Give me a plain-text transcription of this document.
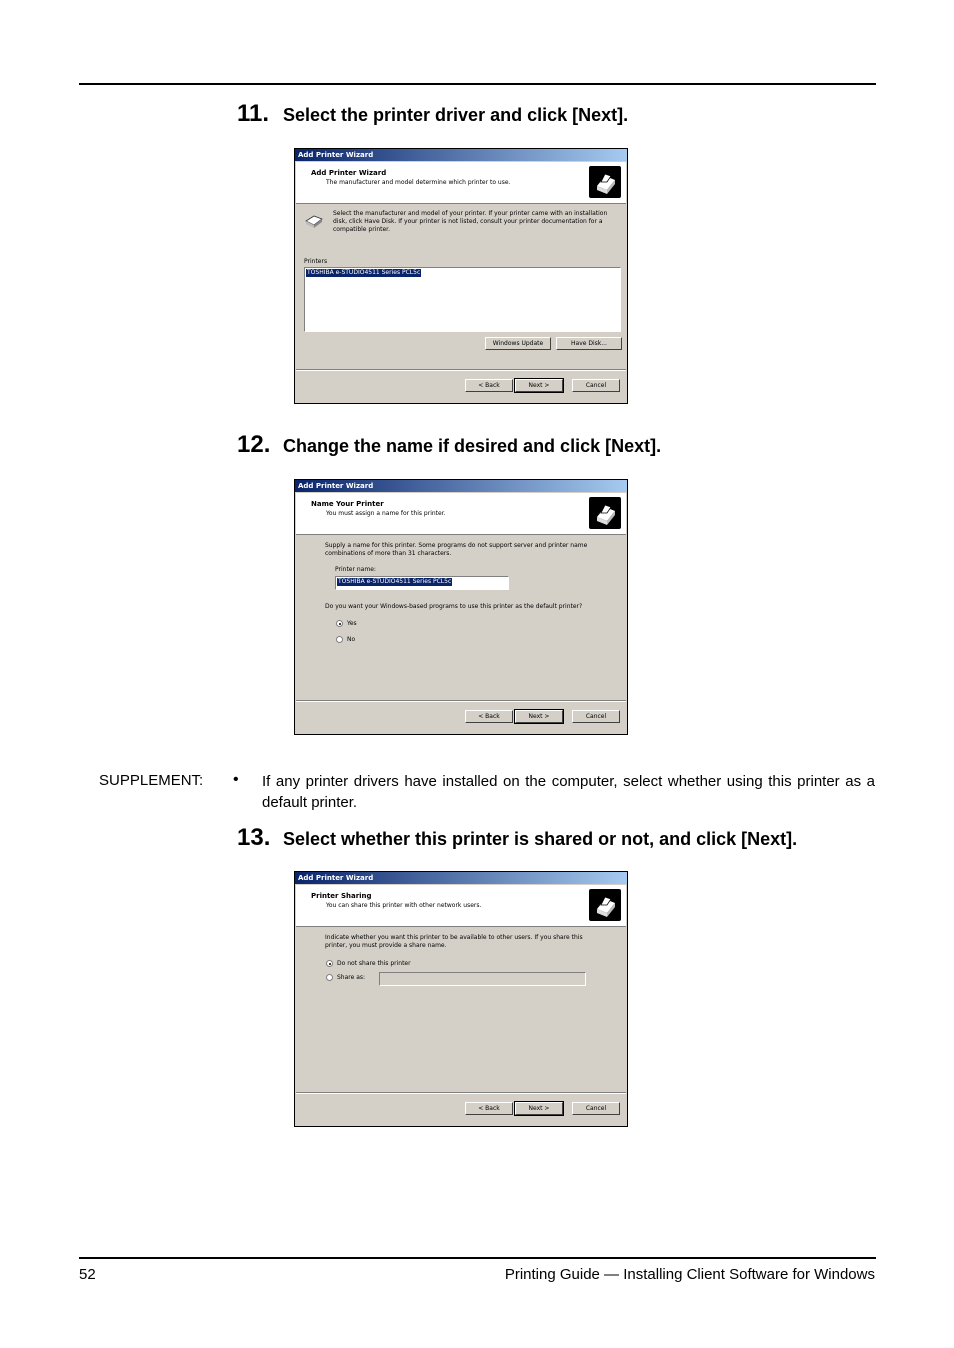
11. Select the printer driver and click [Next].
Add Printer Wizard
Add Printer Wizard
The manufacturer and model determine which printer to use.
Select the manufacturer and model of your printer. If your printer came with an installation disk, click Have Disk. If your printer is not listed, consult your printer documentation for a compatible printer.
Printers
TOSHIBA e-STUDIO4511 Series PCL5c
Windows Update	Have Disk...
< Back	Next >	Cancel
12. Change the name if desired and click [Next].
Add Printer Wizard
Name Your Printer
You must assign a name for this printer.
Supply a name for this printer. Some programs do not support server and printer name combinations of more than 31 characters.
Printer name:
TOSHIBA e-STUDIO4511 Series PCL5c
Do you want your Windows-based programs to use this printer as the default printer?
Yes
No
< Back	Next >	Cancel
SUPPLEMENT: • If any printer drivers have installed on the computer, select whether using this printer as a default printer.
13. Select whether this printer is shared or not, and click [Next].
Add Printer Wizard
Printer Sharing
You can share this printer with other network users.
Indicate whether you want this printer to be available to other users. If you share this printer, you must provide a share name.
Do not share this printer
Share as:
< Back	Next >	Cancel
52	Printing Guide — Installing Client Software for Windows
